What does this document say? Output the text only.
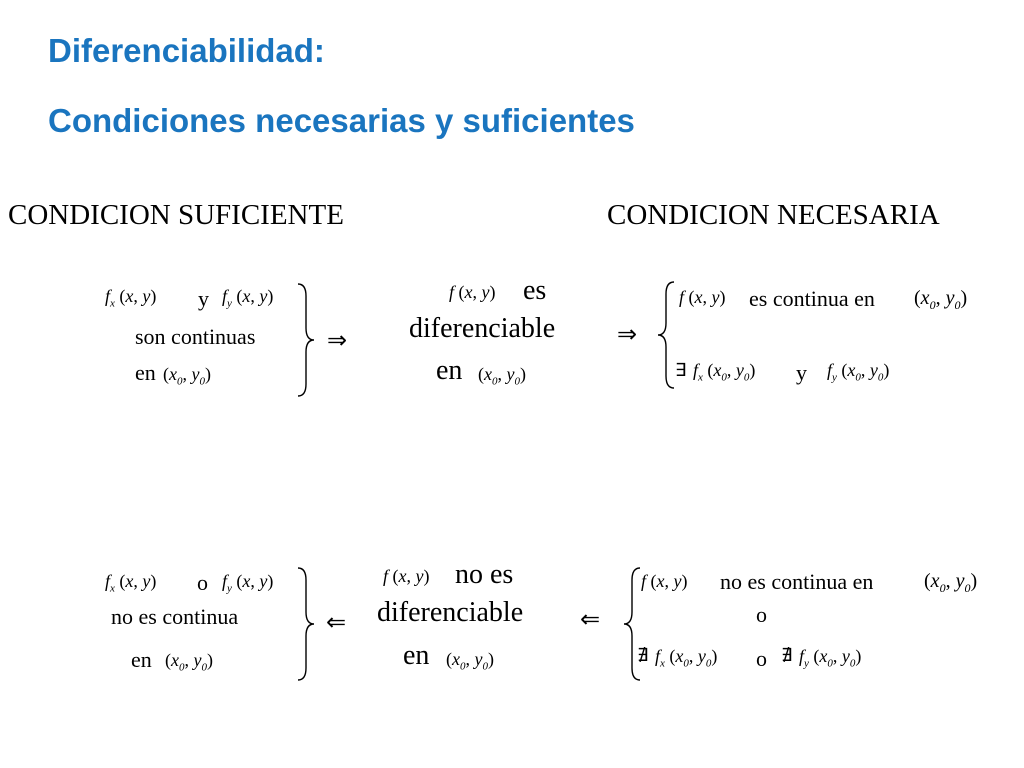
Diferenciabilidad:
Condiciones necesarias y suficientes
CONDICION SUFICIENTE	CONDICION NECESARIA
$f_x$ (x, y) y $f_y$ (x, y)
son continuas
en ($x_0$, $y_0$)
⇒
f (x, y) es
diferenciable
en ($x_0$, $y_0$)
⇒
f (x, y) es continua en ($x_0$, $y_0$)
∃ $f_x$ ($x_0$, $y_0$) y $f_y$ ($x_0$, $y_0$)
$f_x$ (x, y) o $f_y$ (x, y)
no es continua
en ($x_0$, $y_0$)
⇐
f (x, y) no es
diferenciable
en ($x_0$, $y_0$)
⇐
f (x, y) no es continua en	($x_0$, $y_0$)
o
∄ $f_x$ ($x_0$, $y_0$) o ∄ $f_y$ ($x_0$, $y_0$)
